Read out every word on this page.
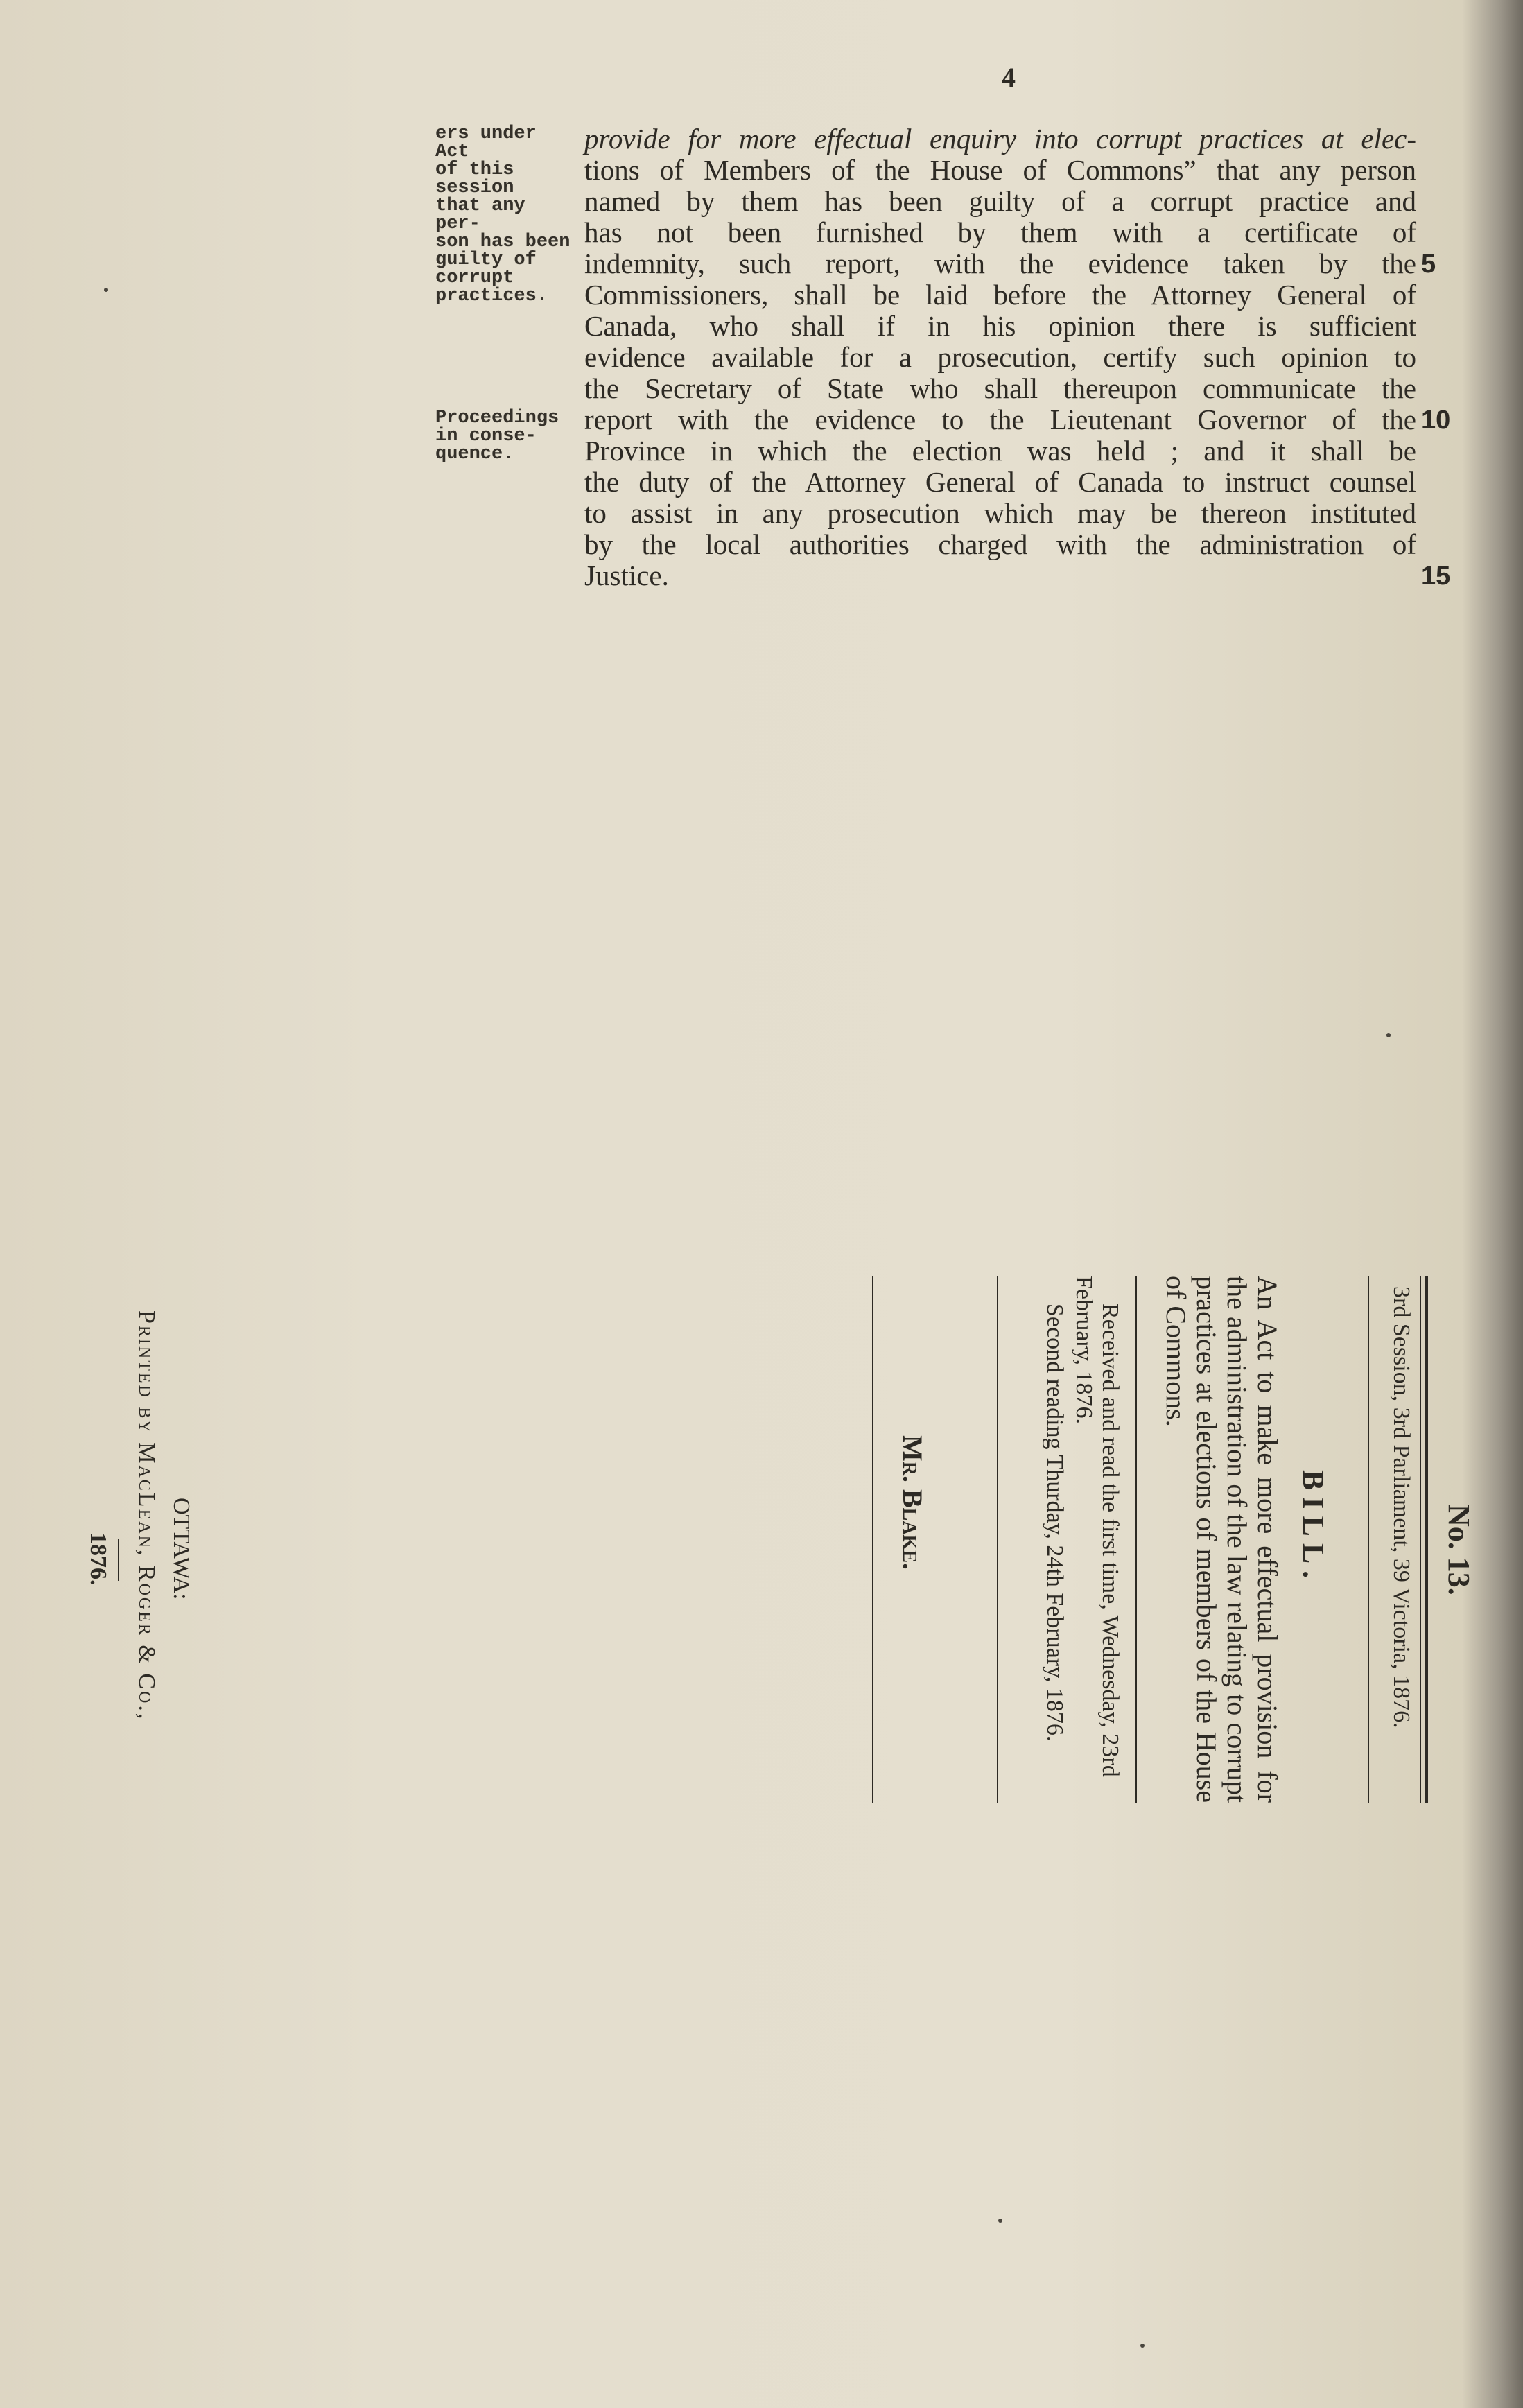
4
ers under Act
of this session
that any per-
son has been
guilty of
corrupt
practices.
Proceedings
in conse-
quence.
provide for more effectual enquiry into corrupt practices at elec-
tions of Members of the House of Commons” that any person
named by them has been guilty of a corrupt practice and
has not been furnished by them with a certificate of
indemnity, such report, with the evidence taken by the
Commissioners, shall be laid before the Attorney General of
Canada, who shall if in his opinion there is sufficient
evidence available for a prosecution, certify such opinion to
the Secretary of State who shall thereupon communicate the
report with the evidence to the Lieutenant Governor of the
Province in which the election was held ; and it shall be
the duty of the Attorney General of Canada to instruct counsel
to assist in any prosecution which may be thereon instituted
by the local authorities charged with the administration of
Justice.
5
10
15
3rd Session, 3rd Parliament, 39 Victoria, 1876. No. 13.
BILL.
An Act to make more effectual provision for the administration of the law relating to corrupt practices at elections of members of the House of Commons.
Received and read the first time, Wednesday, 23rd February, 1876.
Second reading Thurday, 24th February, 1876.
Mr. Blake.
OTTAWA:
Printed by MacLean, Roger & Co.,
1876.
